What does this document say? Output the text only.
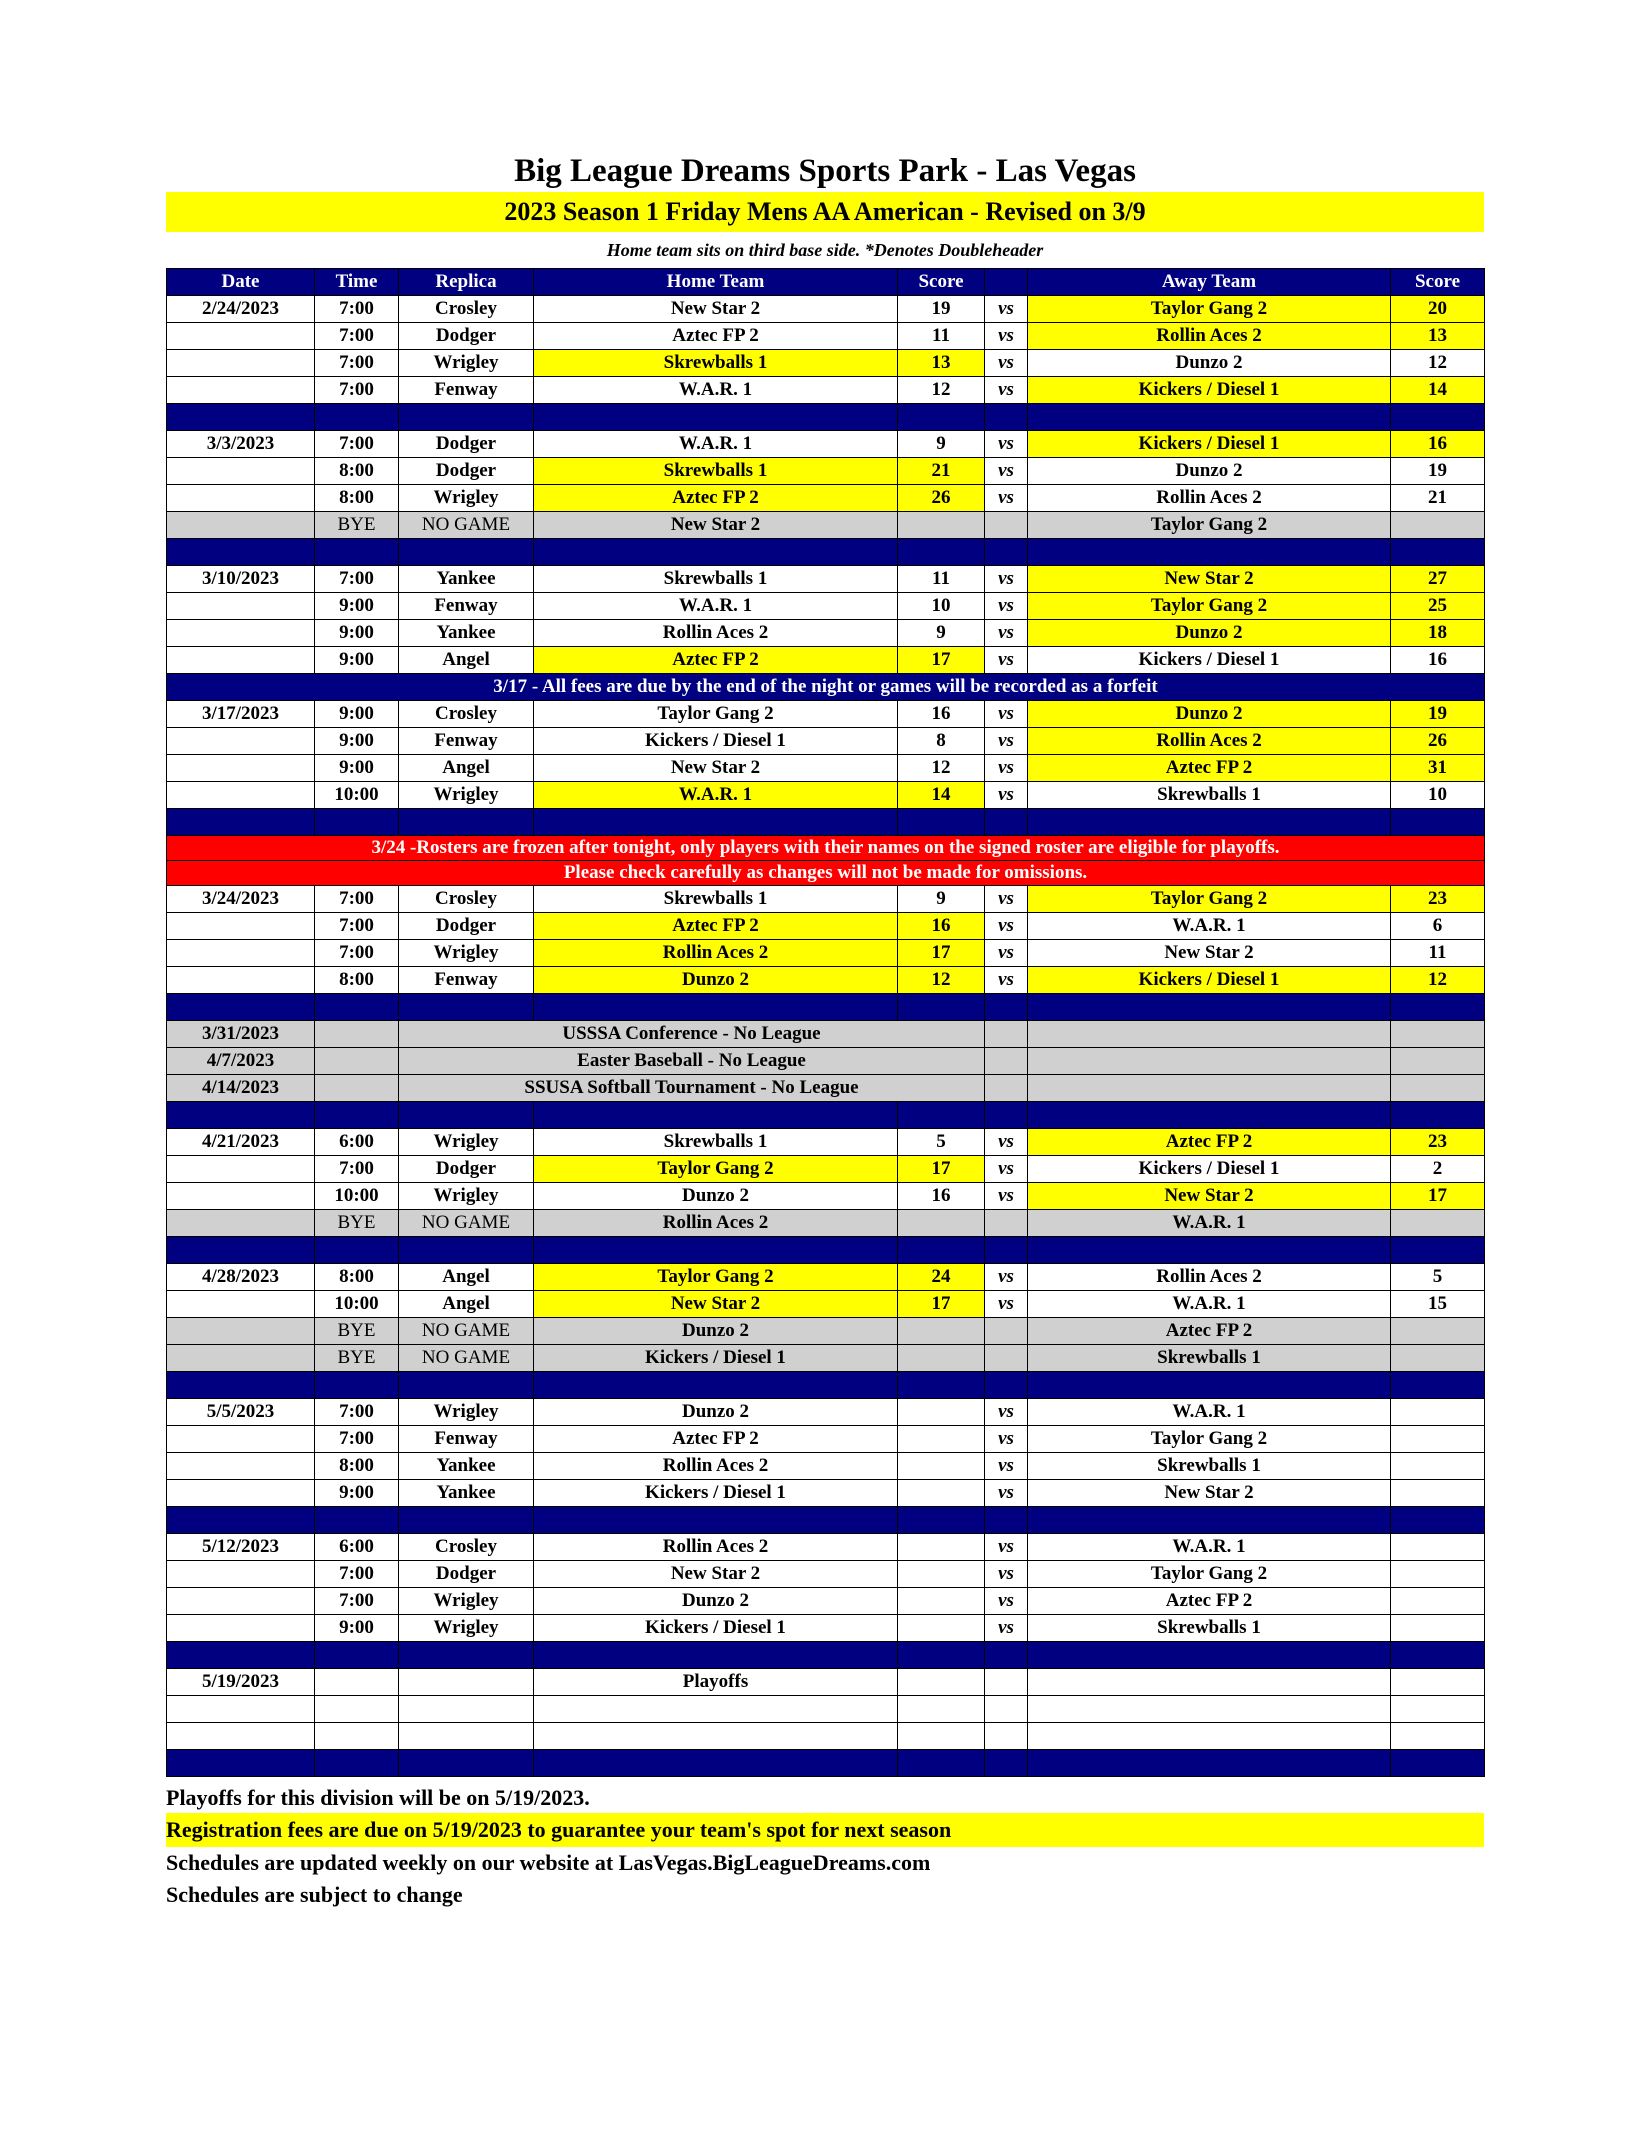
Big League Dreams Sports Park - Las Vegas
2023 Season 1 Friday Mens AA American - Revised on 3/9
Home team sits on third base side. *Denotes Doubleheader
Date	Time	Replica	Home Team	Score		Away Team	Score
2/24/2023	7:00	Crosley	New Star 2	19	vs	Taylor Gang 2	20
	7:00	Dodger	Aztec FP 2	11	vs	Rollin Aces 2	13
	7:00	Wrigley	Skrewballs 1	13	vs	Dunzo 2	12
	7:00	Fenway	W.A.R. 1	12	vs	Kickers / Diesel 1	14

3/3/2023	7:00	Dodger	W.A.R. 1	9	vs	Kickers / Diesel 1	16
	8:00	Dodger	Skrewballs 1	21	vs	Dunzo 2	19
	8:00	Wrigley	Aztec FP 2	26	vs	Rollin Aces 2	21
	BYE	NO GAME	New Star 2			Taylor Gang 2	

3/10/2023	7:00	Yankee	Skrewballs 1	11	vs	New Star 2	27
	9:00	Fenway	W.A.R. 1	10	vs	Taylor Gang 2	25
	9:00	Yankee	Rollin Aces 2	9	vs	Dunzo 2	18
	9:00	Angel	Aztec FP 2	17	vs	Kickers / Diesel 1	16
3/17 - All fees are due by the end of the night or games will be recorded as a forfeit							
3/17/2023	9:00	Crosley	Taylor Gang 2	16	vs	Dunzo 2	19
	9:00	Fenway	Kickers / Diesel 1	8	vs	Rollin Aces 2	26
	9:00	Angel	New Star 2	12	vs	Aztec FP 2	31
	10:00	Wrigley	W.A.R. 1	14	vs	Skrewballs 1	10

3/24 -Rosters are frozen after tonight, only players with their names on the signed roster are eligible for playoffs.							
Please check carefully as changes will not be made for omissions.							
3/24/2023	7:00	Crosley	Skrewballs 1	9	vs	Taylor Gang 2	23
	7:00	Dodger	Aztec FP 2	16	vs	W.A.R. 1	6
	7:00	Wrigley	Rollin Aces 2	17	vs	New Star 2	11
	8:00	Fenway	Dunzo 2	12	vs	Kickers / Diesel 1	12

3/31/2023		USSSA Conference - No League					
4/7/2023		Easter Baseball - No League					
4/14/2023		SSUSA Softball Tournament - No League					

4/21/2023	6:00	Wrigley	Skrewballs 1	5	vs	Aztec FP 2	23
	7:00	Dodger	Taylor Gang 2	17	vs	Kickers / Diesel 1	2
	10:00	Wrigley	Dunzo 2	16	vs	New Star 2	17
	BYE	NO GAME	Rollin Aces 2			W.A.R. 1	

4/28/2023	8:00	Angel	Taylor Gang 2	24	vs	Rollin Aces 2	5
	10:00	Angel	New Star 2	17	vs	W.A.R. 1	15
	BYE	NO GAME	Dunzo 2			Aztec FP 2	
	BYE	NO GAME	Kickers / Diesel 1			Skrewballs 1	

5/5/2023	7:00	Wrigley	Dunzo 2		vs	W.A.R. 1	
	7:00	Fenway	Aztec FP 2		vs	Taylor Gang 2	
	8:00	Yankee	Rollin Aces 2		vs	Skrewballs 1	
	9:00	Yankee	Kickers / Diesel 1		vs	New Star 2	

5/12/2023	6:00	Crosley	Rollin Aces 2		vs	W.A.R. 1	
	7:00	Dodger	New Star 2		vs	Taylor Gang 2	
	7:00	Wrigley	Dunzo 2		vs	Aztec FP 2	
	9:00	Wrigley	Kickers / Diesel 1		vs	Skrewballs 1	

5/19/2023			Playoffs				

Playoffs for this division will be on 5/19/2023.
Registration fees are due on 5/19/2023 to guarantee your team's spot for next season
Schedules are updated weekly on our website at LasVegas.BigLeagueDreams.com
Schedules are subject to change
